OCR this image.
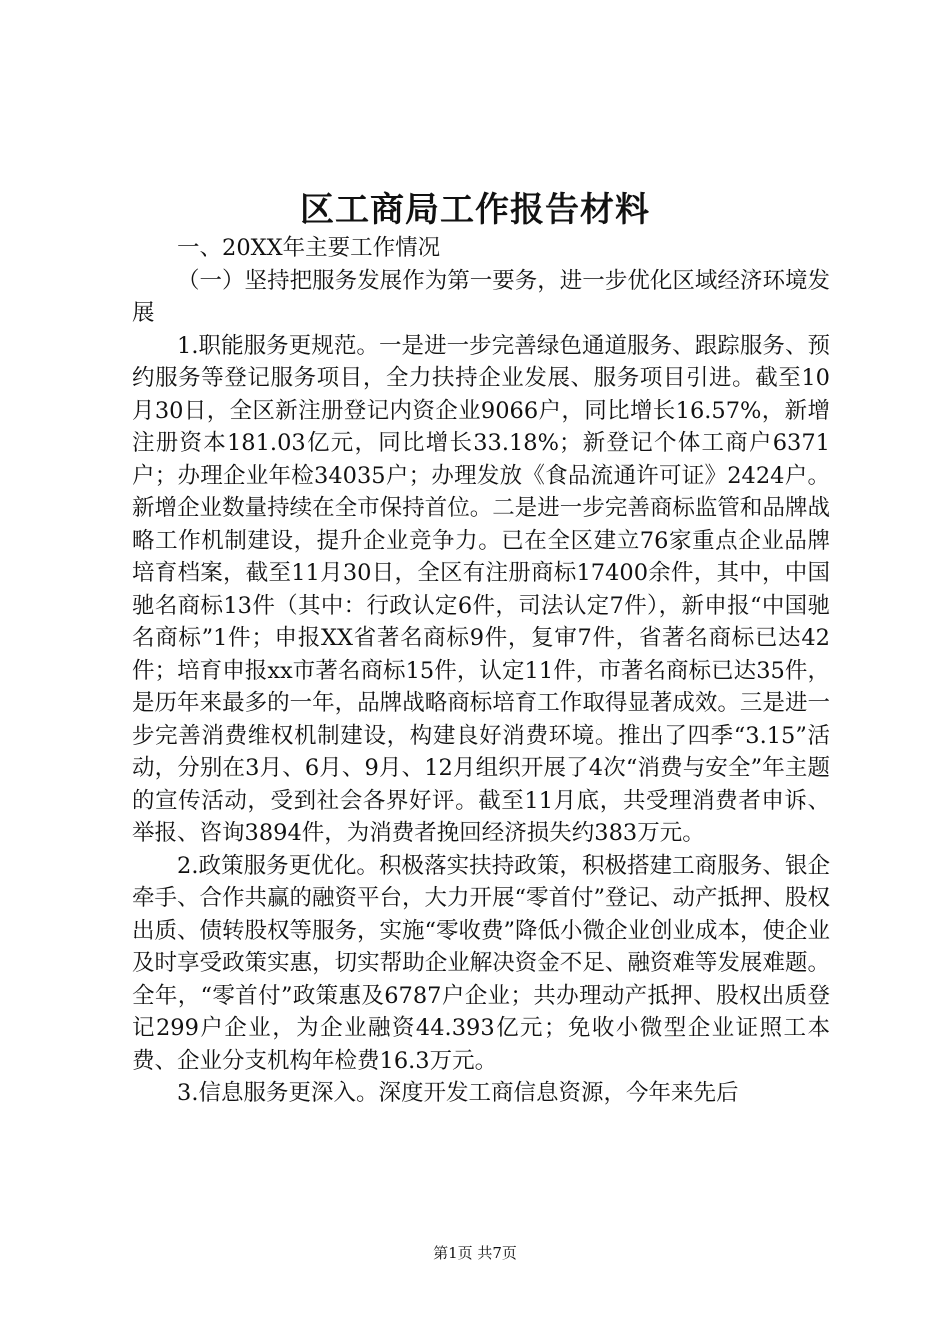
区工商局工作报告材料

一、20XX年主要工作情况

（一）坚持把服务发展作为第一要务，进一步优化区域经济环境发展

1.职能服务更规范。一是进一步完善绿色通道服务、跟踪服务、预约服务等登记服务项目，全力扶持企业发展、服务项目引进。截至10月30日，全区新注册登记内资企业9066户，同比增长16.57%，新增注册资本181.03亿元，同比增长33.18%；新登记个体工商户6371户；办理企业年检34035户；办理发放《食品流通许可证》2424户。新增企业数量持续在全市保持首位。二是进一步完善商标监管和品牌战略工作机制建设，提升企业竞争力。已在全区建立76家重点企业品牌培育档案，截至11月30日，全区有注册商标17400余件，其中，中国驰名商标13件（其中：行政认定6件，司法认定7件），新申报“中国驰名商标”1件；申报XX省著名商标9件，复审7件，省著名商标已达42件；培育申报xx市著名商标15件，认定11件，市著名商标已达35件，是历年来最多的一年，品牌战略商标培育工作取得显著成效。三是进一步完善消费维权机制建设，构建良好消费环境。推出了四季“3.15”活动，分别在3月、6月、9月、12月组织开展了4次“消费与安全”年主题的宣传活动，受到社会各界好评。截至11月底，共受理消费者申诉、举报、咨询3894件，为消费者挽回经济损失约383万元。

2.政策服务更优化。积极落实扶持政策，积极搭建工商服务、银企牵手、合作共赢的融资平台，大力开展“零首付”登记、动产抵押、股权出质、债转股权等服务，实施“零收费”降低小微企业创业成本，使企业及时享受政策实惠，切实帮助企业解决资金不足、融资难等发展难题。全年，“零首付”政策惠及6787户企业；共办理动产抵押、股权出质登记299户企业，为企业融资44.393亿元；免收小微型企业证照工本费、企业分支机构年检费16.3万元。

3.信息服务更深入。深度开发工商信息资源，今年来先后

第1页 共7页
